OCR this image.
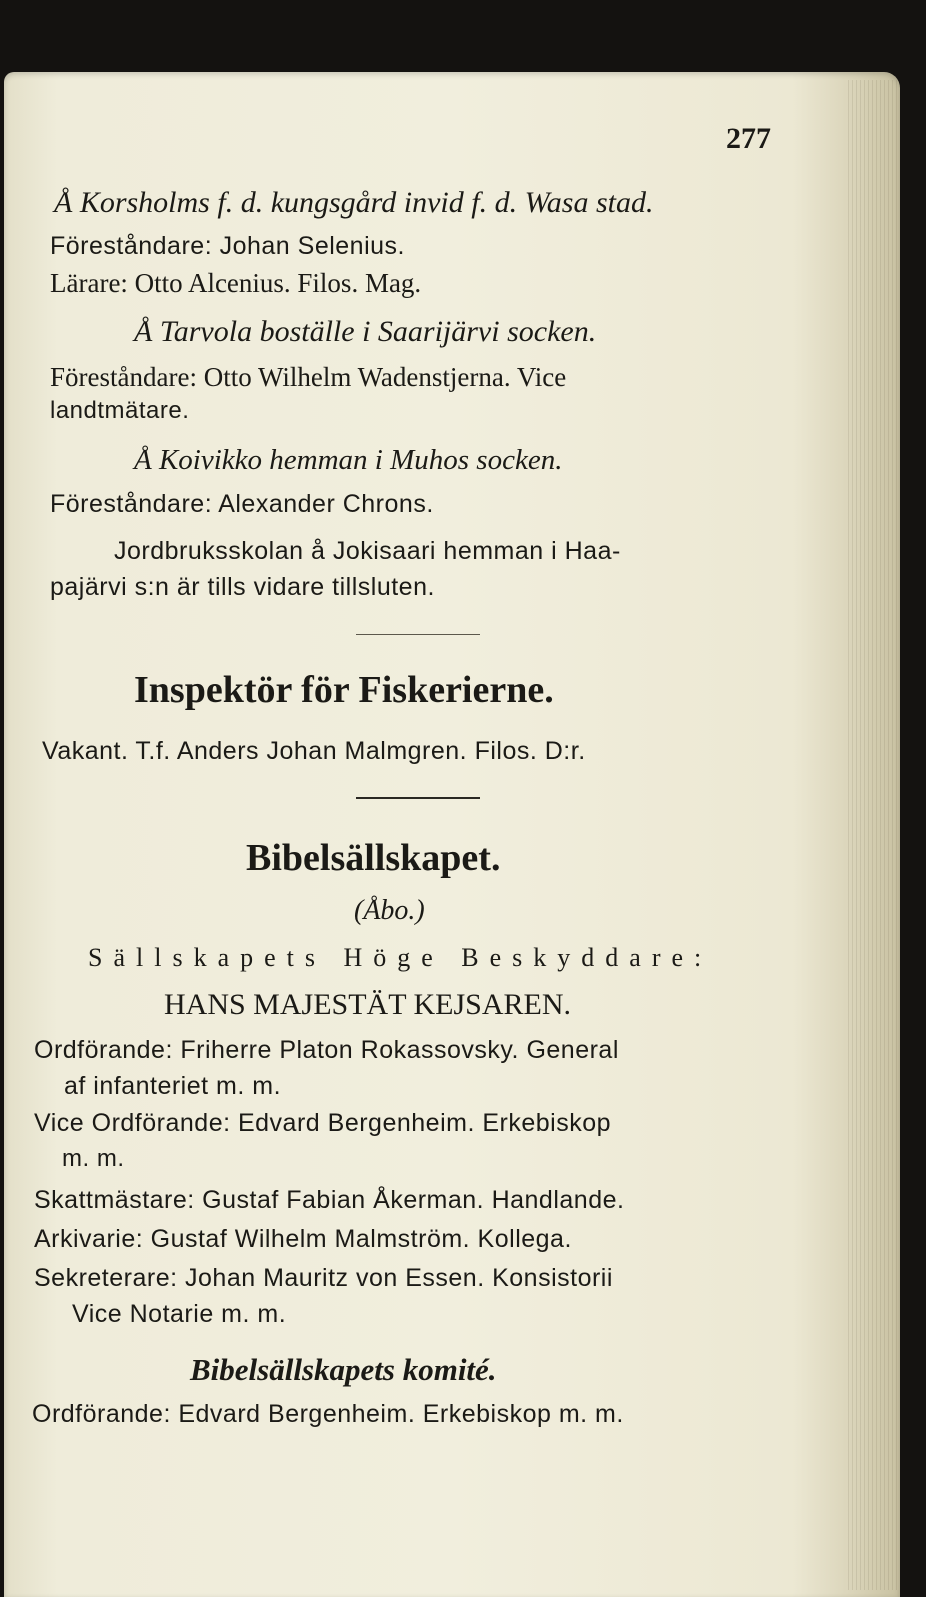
277
Å Korsholms f. d. kungsgård invid f. d. Wasa stad.
Föreståndare: Johan Selenius.
Lärare: Otto Alcenius. Filos. Mag.
Å Tarvola boställe i Saarijärvi socken.
Föreståndare: Otto Wilhelm Wadenstjerna. Vice
landtmätare.
Å Koivikko hemman i Muhos socken.
Föreståndare: Alexander Chrons.
Jordbruksskolan å Jokisaari hemman i Haa-
pajärvi s:n är tills vidare tillsluten.
Inspektör för Fiskerierne.
Vakant. T.f. Anders Johan Malmgren. Filos. D:r.
Bibelsällskapet.
(Åbo.)
Sällskapets Höge Beskyddare:
HANS MAJESTÄT KEJSAREN.
Ordförande: Friherre Platon Rokassovsky. General
af infanteriet m. m.
Vice Ordförande: Edvard Bergenheim. Erkebiskop
m. m.
Skattmästare: Gustaf Fabian Åkerman. Handlande.
Arkivarie: Gustaf Wilhelm Malmström. Kollega.
Sekreterare: Johan Mauritz von Essen. Konsistorii
Vice Notarie m. m.
Bibelsällskapets komité.
Ordförande: Edvard Bergenheim. Erkebiskop m. m.
